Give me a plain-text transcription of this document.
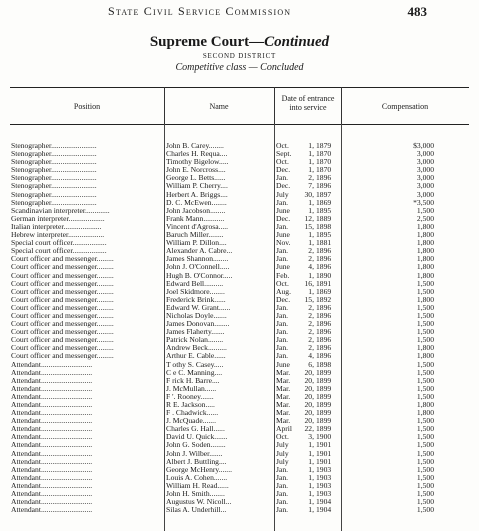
State Civil Service Commission	483
Supreme Court—Continued
SECOND DISTRICT
Competitive class — Concluded
Position	Name
Date of entrance into service	Compensation
Stenographer........................	John B. Carey........	Oct.	1, 1879	$3,000
Stenographer........................	Charles H. Requa....	Sept.	1, 1870	3,000
Stenographer........................	Timothy Bigelow.....	Oct.	1, 1870	3,000
Stenographer........................	John E. Norcross....	Dec.	1, 1870	3,000
Stenographer........................	George L. Betts......	Jan.	2, 1896	3,000
Stenographer........................	William P. Cherry....	Dec.	7, 1896	3,000
Stenographer........................	Herbert A. Briggs....	July	30, 1897	3,000
Stenographer........................	D. C. McEwen........	Jan.	1, 1869	*3,500
Scandinavian interpreter.............	John Jacobson........	June	1, 1895	1,500
German interpreter...................	Frank Mann...........	Dec.	12, 1889	2,500
Italian interpreter....................	Vincent d'Agrosa.....	Jan.	15, 1898	1,800
Hebrew interpreter...................	Baruch Miller........	June	1, 1895	1,800
Special court officer..................	William P. Dillon....	Nov.	1, 1881	1,800
Special court officer..................	Alexander A. Cabre...	Jan.	2, 1896	1,800
Court officer and messenger.........	James Shannon........	Jan.	2, 1896	1,800
Court officer and messenger.........	John J. O'Connell.....	June	4, 1896	1,800
Court officer and messenger.........	Hugh B. O'Connor.....	Feb.	1, 1890	1,800
Court officer and messenger.........	Edward Bell..........	Oct.	16, 1891	1,500
Court officer and messenger.........	Joel Skidmore........	Aug.	1, 1869	1,500
Court officer and messenger.........	Frederick Brink......	Dec.	15, 1892	1,800
Court officer and messenger.........	Edward W. Grant......	Jan.	2, 1896	1,500
Court officer and messenger.........	Nicholas Doyle.......	Jan.	2, 1896	1,500
Court officer and messenger.........	James Donovan........	Jan.	2, 1896	1,500
Court officer and messenger.........	James Flaherty.......	Jan.	2, 1896	1,500
Court officer and messenger.........	Patrick Nolan........	Jan.	2, 1896	1,500
Court officer and messenger.........	Andrew Beck..........	Jan.	2, 1896	1,800
Court officer and messenger.........	Arthur E. Cable......	Jan.	4, 1896	1,800
Attendant...........................	T othy S. Casey.....	June	6, 1898	1,500
Attendant...........................	C e C. Manning....	Mar.	20, 1899	1,500
Attendant...........................	F rick H. Barre....	Mar.	20, 1899	1,500
Attendant...........................	J. McMullan......	Mar.	20, 1899	1,500
Attendant...........................	F '. Rooney.......	Mar.	20, 1899	1,500
Attendant...........................	R E. Jackson.....	Mar.	20, 1899	1,800
Attendant...........................	F . Chadwick......	Mar.	20, 1899	1,800
Attendant...........................	J. McQuade.......	Mar.	20, 1899	1,500
Attendant...........................	Charles G. Hall......	April	22, 1899	1,500
Attendant...........................	David U. Quick.......	Oct.	3, 1900	1,500
Attendant...........................	John G. Soden........	July	1, 1901	1,500
Attendant...........................	John J. Wilber.......	July	1, 1901	1,500
Attendant...........................	Albert J. Buttling....	July	1, 1901	1,500
Attendant...........................	George McHenry.......	Jan.	1, 1903	1,500
Attendant...........................	Louis A. Cohen.......	Jan.	1, 1903	1,500
Attendant...........................	William H. Read......	Jan.	1, 1903	1,500
Attendant...........................	John H. Smith........	Jan.	1, 1903	1,500
Attendant...........................	Augustus W. Nicoll...	Jan.	1, 1904	1,500
Attendant...........................	Silas A. Underhill...	Jan.	1, 1904	1,500
